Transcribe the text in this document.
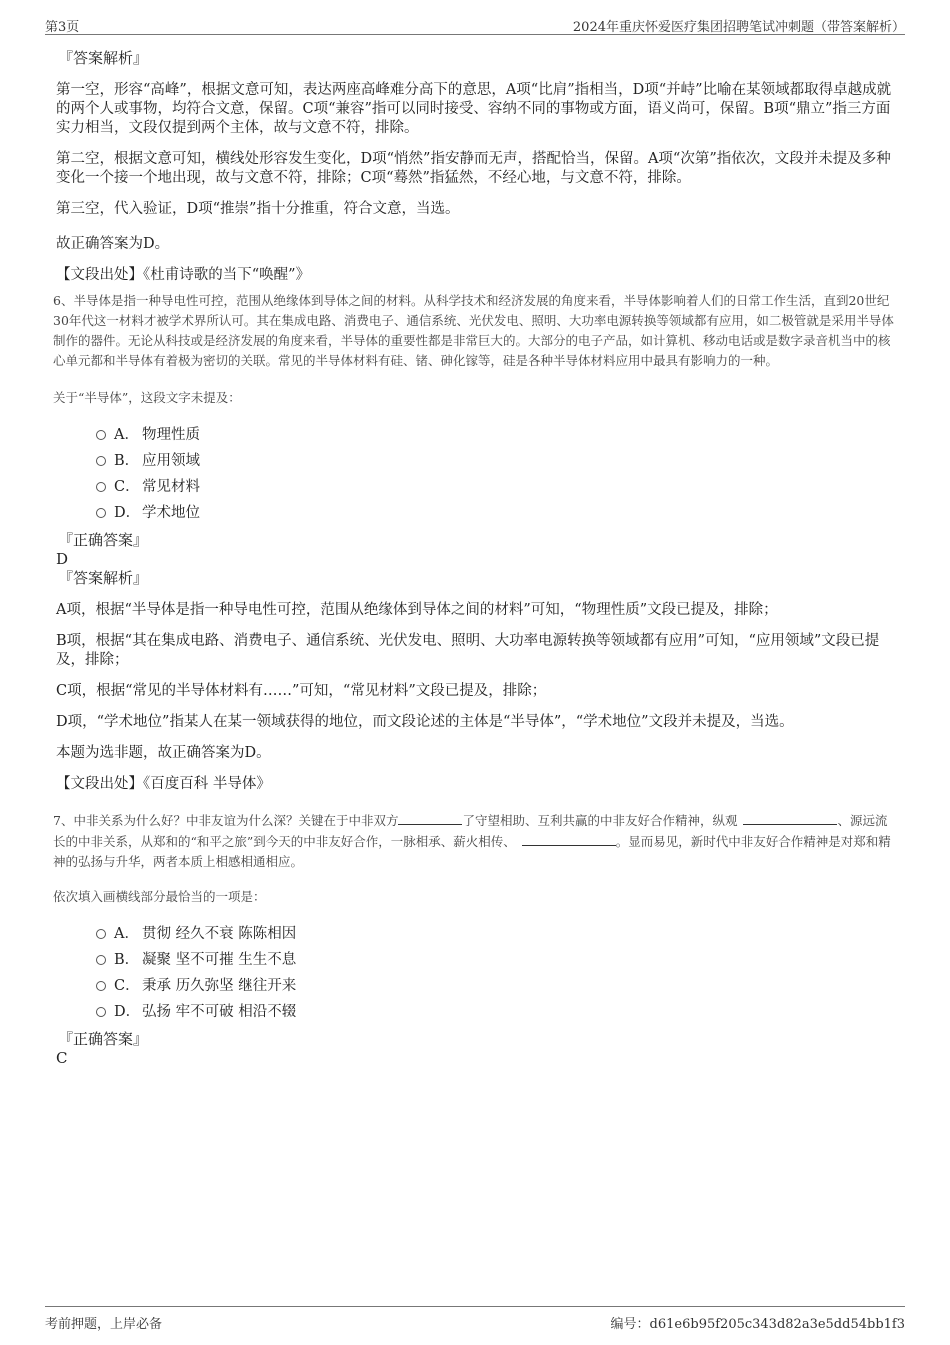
第3页	2024年重庆怀爱医疗集团招聘笔试冲刺题（带答案解析）

『答案解析』

第一空，形容“高峰”，根据文意可知，表达两座高峰难分高下的意思，A项“比肩”指相当，D项“并峙”比喻在某领域都取得卓越成就的两个人或事物，均符合文意，保留。C项“兼容”指可以同时接受、容纳不同的事物或方面，语义尚可，保留。B项“鼎立”指三方面实力相当，文段仅提到两个主体，故与文意不符，排除。

第二空，根据文意可知，横线处形容发生变化，D项“悄然”指安静而无声，搭配恰当，保留。A项“次第”指依次，文段并未提及多种变化一个接一个地出现，故与文意不符，排除；C项“蓦然”指猛然，不经心地，与文意不符，排除。

第三空，代入验证，D项“推崇”指十分推重，符合文意，当选。

故正确答案为D。

【文段出处】《杜甫诗歌的当下“唤醒”》

6、半导体是指一种导电性可控，范围从绝缘体到导体之间的材料。从科学技术和经济发展的角度来看，半导体影响着人们的日常工作生活，直到20世纪30年代这一材料才被学术界所认可。其在集成电路、消费电子、通信系统、光伏发电、照明、大功率电源转换等领域都有应用，如二极管就是采用半导体制作的器件。无论从科技或是经济发展的角度来看，半导体的重要性都是非常巨大的。大部分的电子产品，如计算机、移动电话或是数字录音机当中的核心单元都和半导体有着极为密切的关联。常见的半导体材料有硅、锗、砷化镓等，硅是各种半导体材料应用中最具有影响力的一种。

关于“半导体”，这段文字未提及：

A． 物理性质
B． 应用领域
C． 常见材料
D． 学术地位

『正确答案』

D

『答案解析』

A项，根据“半导体是指一种导电性可控，范围从绝缘体到导体之间的材料”可知，“物理性质”文段已提及，排除；

B项，根据“其在集成电路、消费电子、通信系统、光伏发电、照明、大功率电源转换等领域都有应用”可知，“应用领域”文段已提及，排除；

C项，根据“常见的半导体材料有……”可知，“常见材料”文段已提及，排除；

D项，“学术地位”指某人在某一领域获得的地位，而文段论述的主体是“半导体”，“学术地位”文段并未提及，当选。

本题为选非题，故正确答案为D。

【文段出处】《百度百科 半导体》

7、中非关系为什么好？中非友谊为什么深？关键在于中非双方	了守望相助、互利共赢的中非友好合作精神，纵观	、源远流长的中非关系，从郑和的“和平之旅”到今天的中非友好合作，一脉相承、薪火相传、	。显而易见，新时代中非友好合作精神是对郑和精神的弘扬与升华，两者本质上相感相通相应。

依次填入画横线部分最恰当的一项是：

A． 贯彻 经久不衰 陈陈相因
B． 凝聚 坚不可摧 生生不息
C． 秉承 历久弥坚 继往开来
D． 弘扬 牢不可破 相沿不辍

『正确答案』

C

考前押题，上岸必备	编号：d61e6b95f205c343d82a3e5dd54bb1f3
